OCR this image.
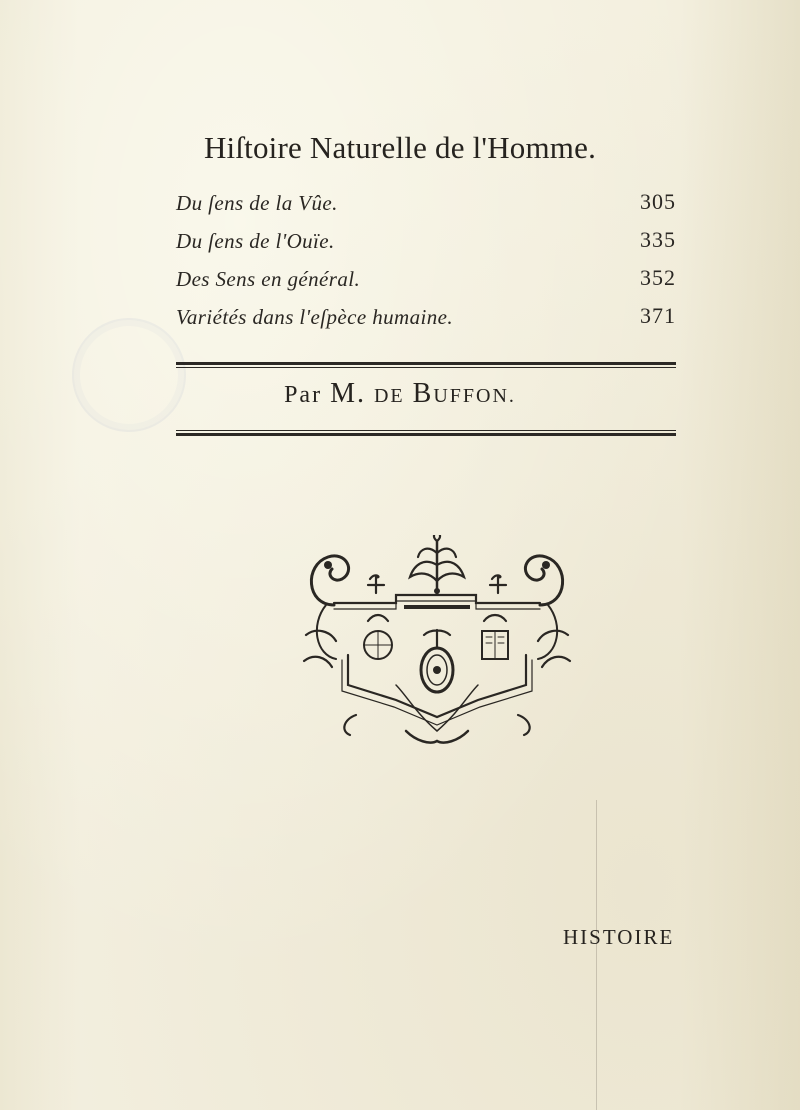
Hiſtoire Naturelle de l'Homme.
Du ſens de la Vûe.	305
Du ſens de l'Ouïe.	335
Des Sens en général.	352
Variétés dans l'eſpèce humaine.	371
Par M. DE BUFFON.
HISTOIRE
